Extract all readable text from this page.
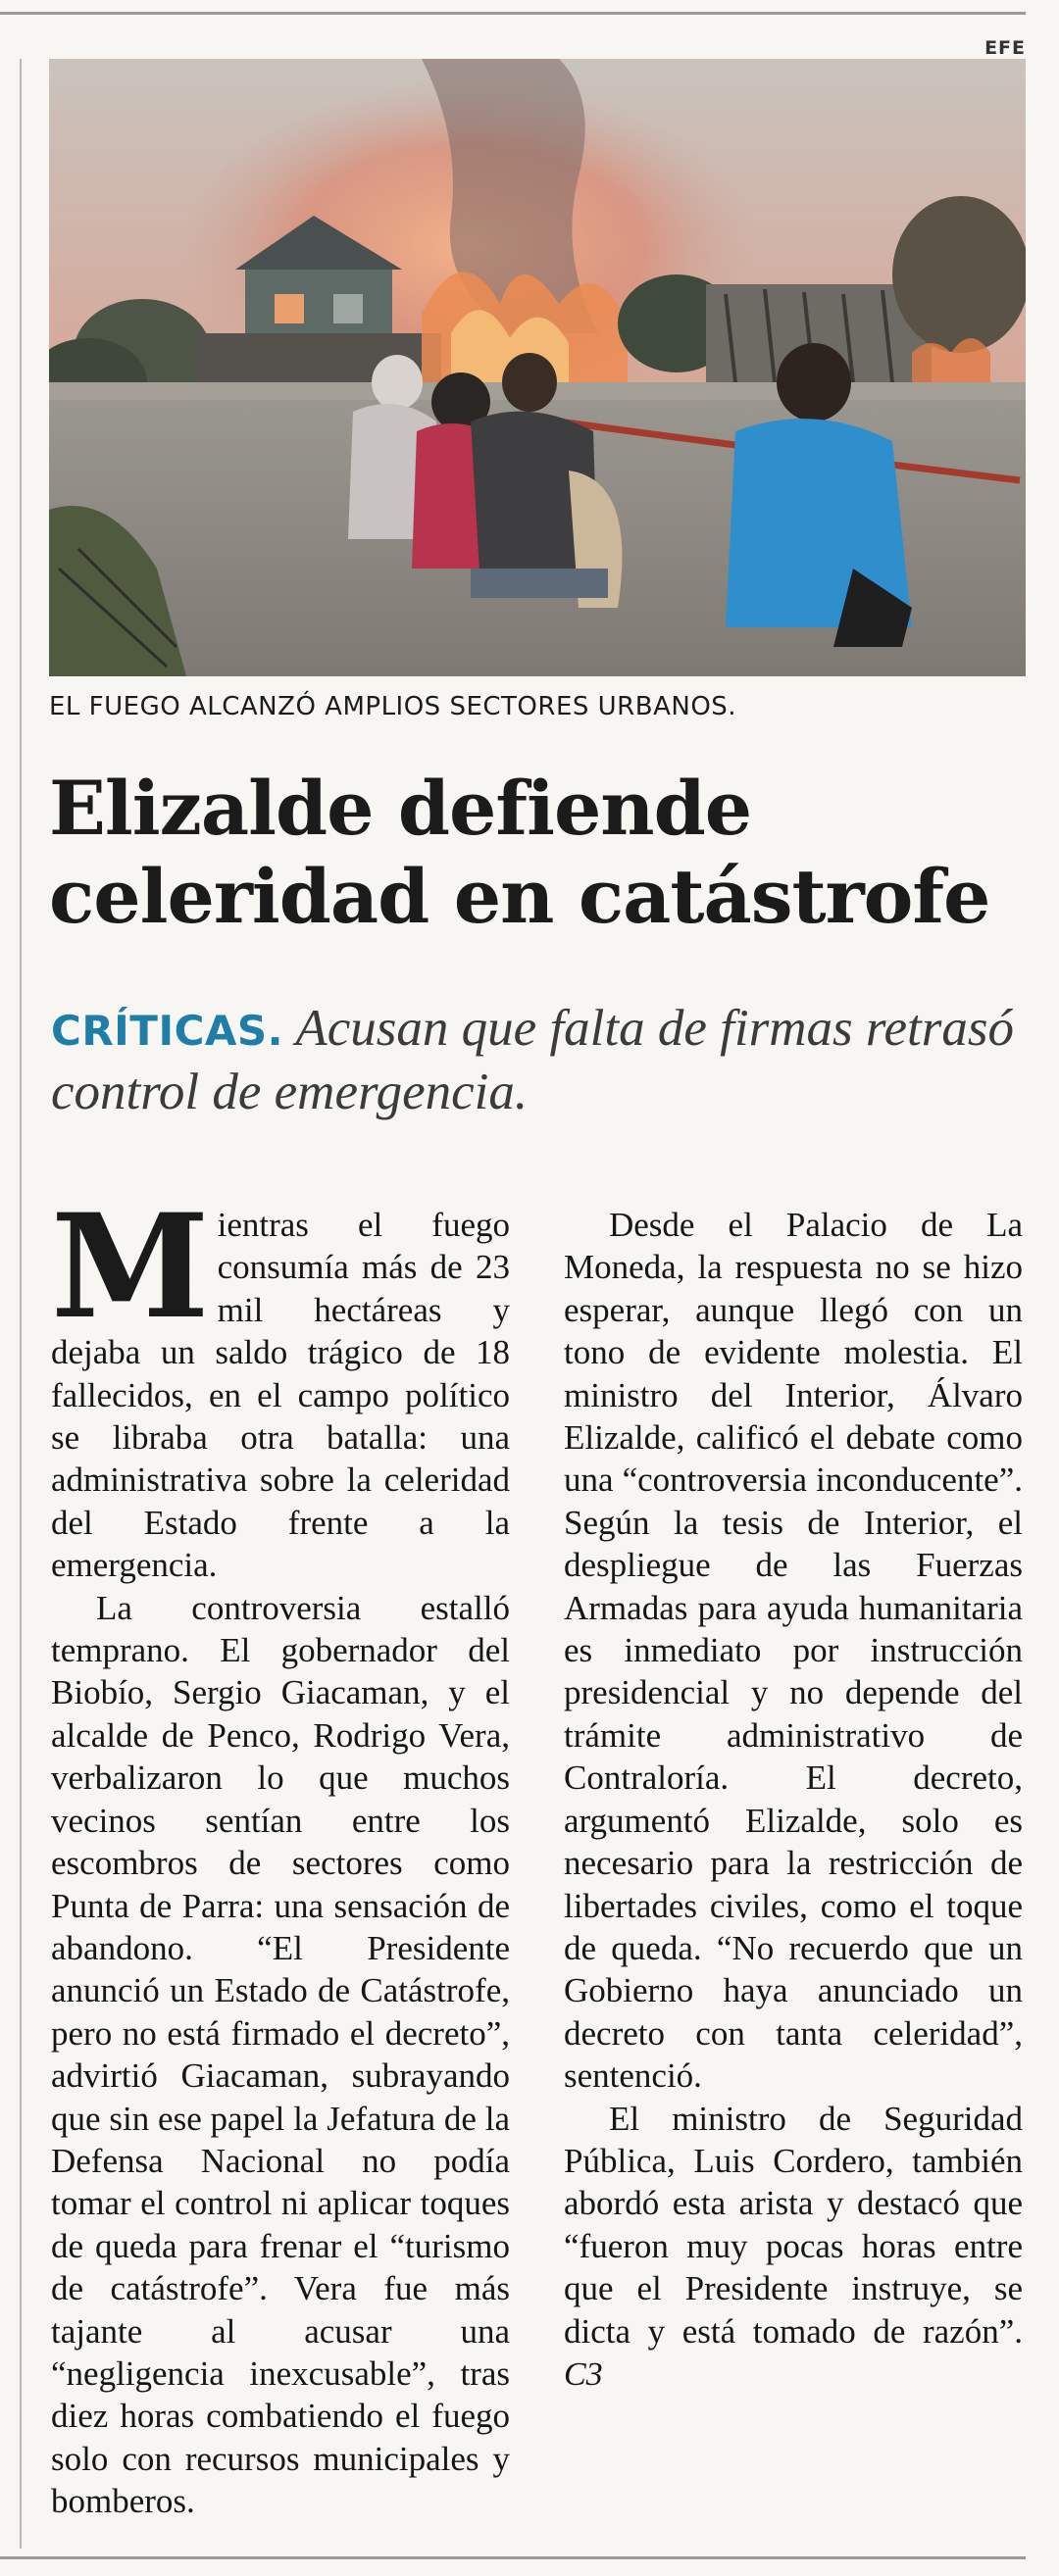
EFE
EL FUEGO ALCANZÓ AMPLIOS SECTORES URBANOS.
Elizalde defiende celeridad en catástrofe
CRÍTICAS. Acusan que falta de firmas retrasó control de emergencia.

Mientras el fuego consumía más de 23 mil hectáreas y dejaba un saldo trágico de 18 fallecidos, en el campo político se libraba otra batalla: una administrativa sobre la celeridad del Estado frente a la emergencia.

La controversia estalló temprano. El gobernador del Biobío, Sergio Giacaman, y el alcalde de Penco, Rodrigo Vera, verbalizaron lo que muchos vecinos sentían entre los escombros de sectores como Punta de Parra: una sensación de abandono. “El Presidente anunció un Estado de Catástrofe, pero no está firmado el decreto”, advirtió Giacaman, subrayando que sin ese papel la Jefatura de la Defensa Nacional no podía tomar el control ni aplicar toques de queda para frenar el “turismo de catástrofe”. Vera fue más tajante al acusar una “negligencia inexcusable”, tras diez horas combatiendo el fuego solo con recursos municipales y bomberos.

Desde el Palacio de La Moneda, la respuesta no se hizo esperar, aunque llegó con un tono de evidente molestia. El ministro del Interior, Álvaro Elizalde, calificó el debate como una “controversia inconducente”. Según la tesis de Interior, el despliegue de las Fuerzas Armadas para ayuda humanitaria es inmediato por instrucción presidencial y no depende del trámite administrativo de Contraloría. El decreto, argumentó Elizalde, solo es necesario para la restricción de libertades civiles, como el toque de queda. “No recuerdo que un Gobierno haya anunciado un decreto con tanta celeridad”, sentenció.

El ministro de Seguridad Pública, Luis Cordero, también abordó esta arista y destacó que “fueron muy pocas horas entre que el Presidente instruye, se dicta y está tomado de razón”. C3
